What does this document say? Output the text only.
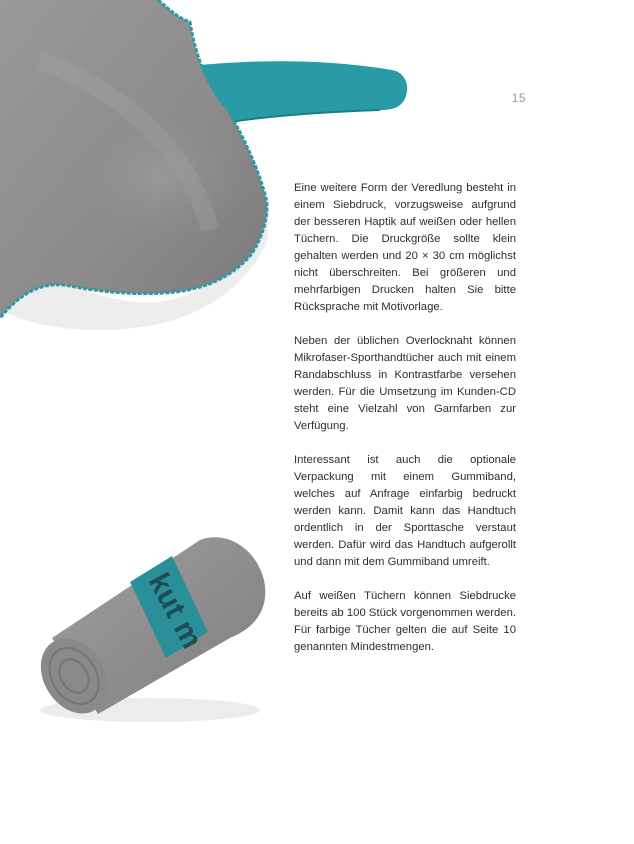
15

Eine weitere Form der Veredlung besteht in einem Siebdruck, vorzugsweise aufgrund der besseren Haptik auf weißen oder hellen Tüchern. Die Druckgröße sollte klein gehalten werden und 20 × 30 cm möglichst nicht überschreiten. Bei größeren und mehrfarbigen Drucken halten Sie bitte Rücksprache mit Motivorlage.

Neben der üblichen Overlocknaht können Mikrofaser-Sporthandtücher auch mit einem Randabschluss in Kontrastfarbe versehen werden. Für die Umsetzung im Kunden-CD steht eine Vielzahl von Garnfarben zur Verfügung.

Interessant ist auch die optionale Verpackung mit einem Gummiband, welches auf Anfrage einfarbig bedruckt werden kann. Damit kann das Handtuch ordentlich in der Sporttasche verstaut werden. Dafür wird das Handtuch aufgerollt und dann mit dem Gummiband umreift.

Auf weißen Tüchern können Siebdrucke bereits ab 100 Stück vorgenommen werden. Für farbige Tücher gelten die auf Seite 10 genannten Mindestmengen.

kut m
